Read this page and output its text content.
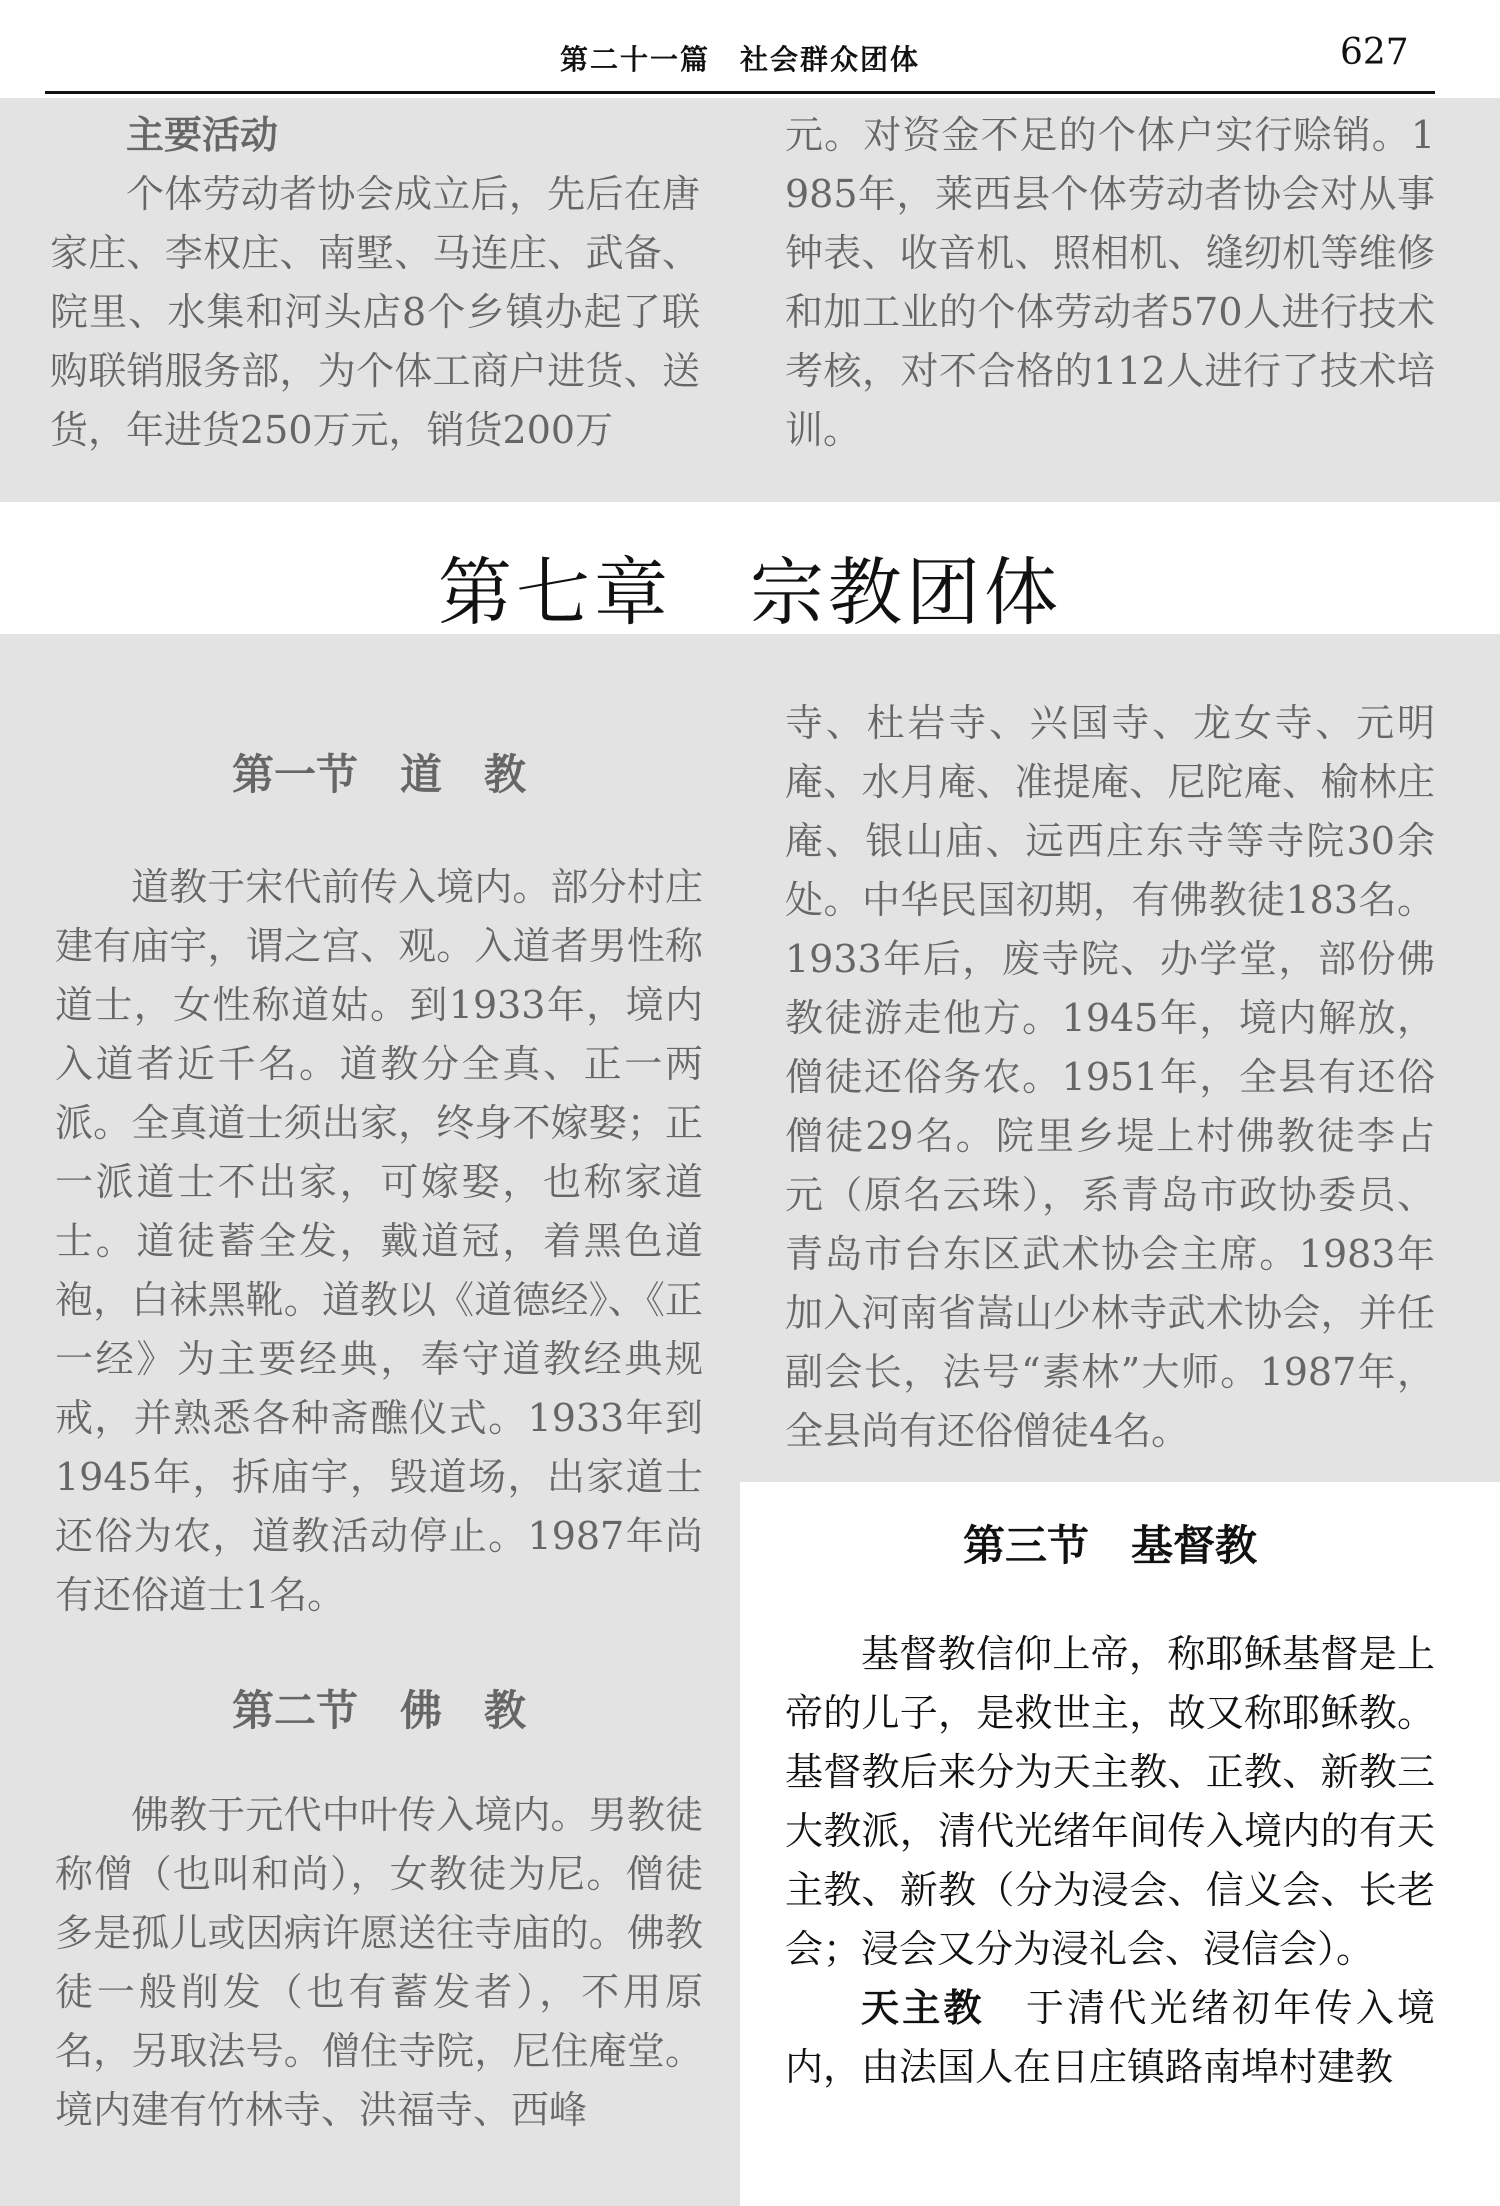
第二十一篇　社会群众团体	627

主要活动

个体劳动者协会成立后，先后在唐家庄、李权庄、南墅、马连庄、武备、院里、水集和河头店8个乡镇办起了联购联销服务部，为个体工商户进货、送货，年进货250万元，销货200万

元。对资金不足的个体户实行赊销。1985年，莱西县个体劳动者协会对从事钟表、收音机、照相机、缝纫机等维修和加工业的个体劳动者570人进行技术考核，对不合格的112人进行了技术培训。

第七章　宗教团体

第一节　道　教

道教于宋代前传入境内。部分村庄建有庙宇，谓之宫、观。入道者男性称道士，女性称道姑。到1933年，境内入道者近千名。道教分全真、正一两派。全真道士须出家，终身不嫁娶；正一派道士不出家，可嫁娶，也称家道士。道徒蓄全发，戴道冠，着黑色道袍，白袜黑靴。道教以《道德经》、《正一经》为主要经典，奉守道教经典规戒，并熟悉各种斋醮仪式。1933年到1945年，拆庙宇，毁道场，出家道士还俗为农，道教活动停止。1987年尚有还俗道士1名。

第二节　佛　教

佛教于元代中叶传入境内。男教徒称僧（也叫和尚），女教徒为尼。僧徒多是孤儿或因病许愿送往寺庙的。佛教徒一般削发（也有蓄发者），不用原名，另取法号。僧住寺院，尼住庵堂。境内建有竹林寺、洪福寺、西峰

寺、杜岩寺、兴国寺、龙女寺、元明庵、水月庵、准提庵、尼陀庵、榆林庄庵、银山庙、远西庄东寺等寺院30余处。中华民国初期，有佛教徒183名。1933年后，废寺院、办学堂，部份佛教徒游走他方。1945年，境内解放，僧徒还俗务农。1951年，全县有还俗僧徒29名。院里乡堤上村佛教徒李占元（原名云珠），系青岛市政协委员、青岛市台东区武术协会主席。1983年加入河南省嵩山少林寺武术协会，并任副会长，法号“素林”大师。1987年，全县尚有还俗僧徒4名。

第三节　基督教

基督教信仰上帝，称耶稣基督是上帝的儿子，是救世主，故又称耶稣教。基督教后来分为天主教、正教、新教三大教派，清代光绪年间传入境内的有天主教、新教（分为浸会、信义会、长老会；浸会又分为浸礼会、浸信会）。

天主教　于清代光绪初年传入境内，由法国人在日庄镇路南埠村建教
